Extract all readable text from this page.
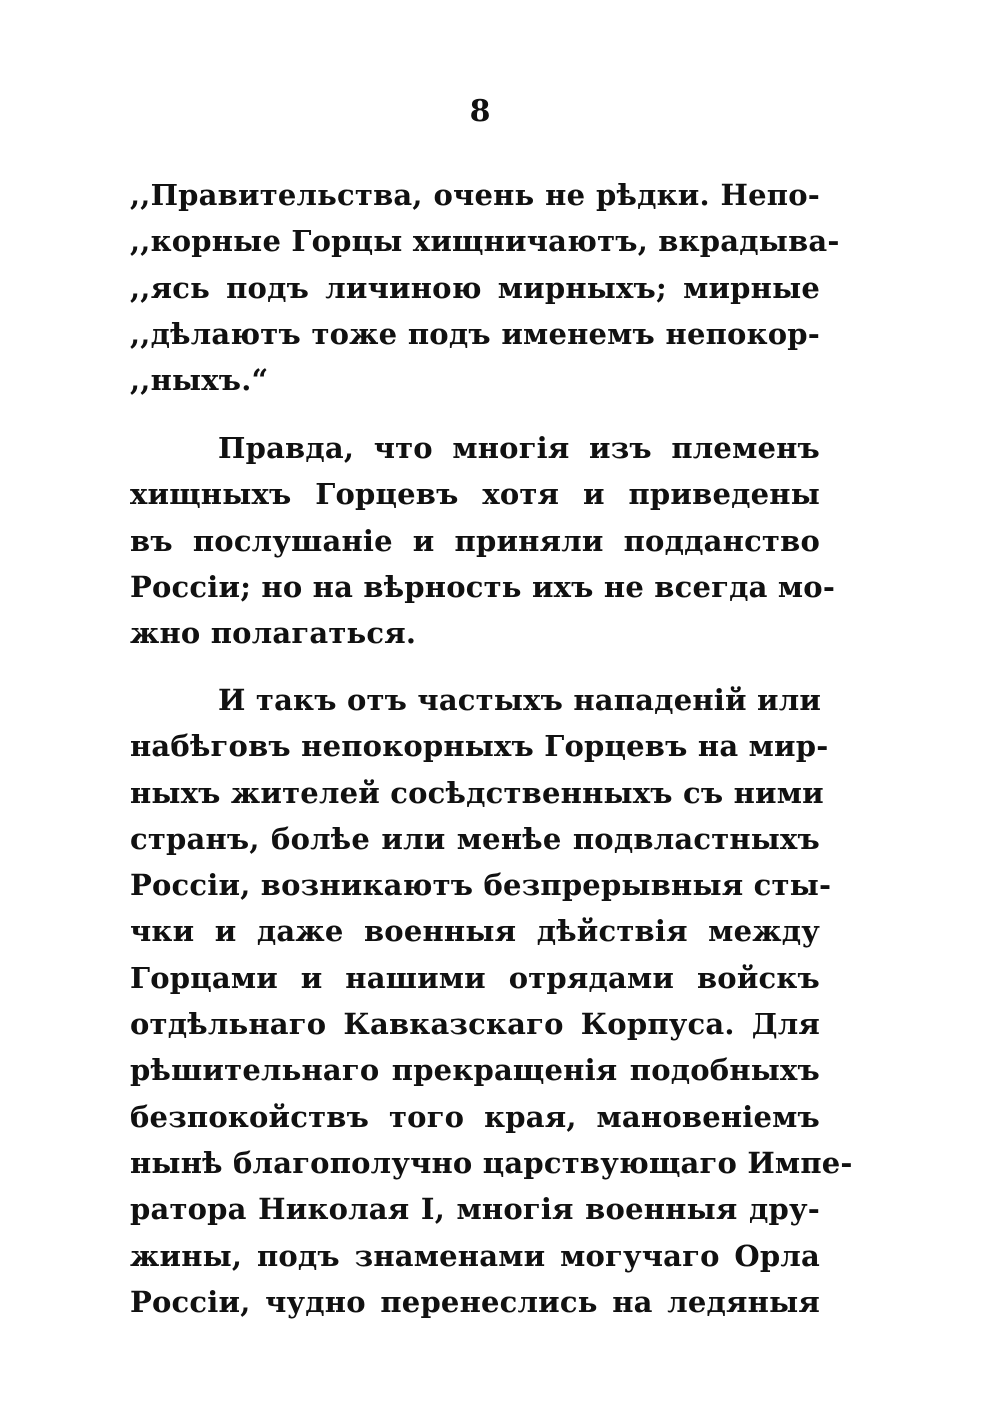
8
,,Правительства, очень не рѣдки. Непо-
,,корные Горцы хищничаютъ, вкрадыва-
,,ясь подъ личиною мирныхъ; мирные
,,дѣлаютъ тоже подъ именемъ непокор-
,,ныхъ.“
Правда, что многія изъ племенъ
хищныхъ Горцевъ хотя и приведены
въ послушаніе и приняли подданство
Россіи; но на вѣрность ихъ не всегда мо-
жно полагаться.
И такъ отъ частыхъ нападеній или
набѣговъ непокорныхъ Горцевъ на мир-
ныхъ жителей сосѣдственныхъ съ ними
странъ, болѣе или менѣе подвластныхъ
Россіи, возникаютъ безпрерывныя сты-
чки и даже военныя дѣйствія между
Горцами и нашими отрядами войскъ
отдѣльнаго Кавказскаго Корпуса. Для
рѣшительнаго прекращенія подобныхъ
безпокойствъ того края, мановеніемъ
нынѣ благополучно царствующаго Импе-
ратора Николая I, многія военныя дру-
жины, подъ знаменами могучаго Орла
Россіи, чудно перенеслись на ледяныя
